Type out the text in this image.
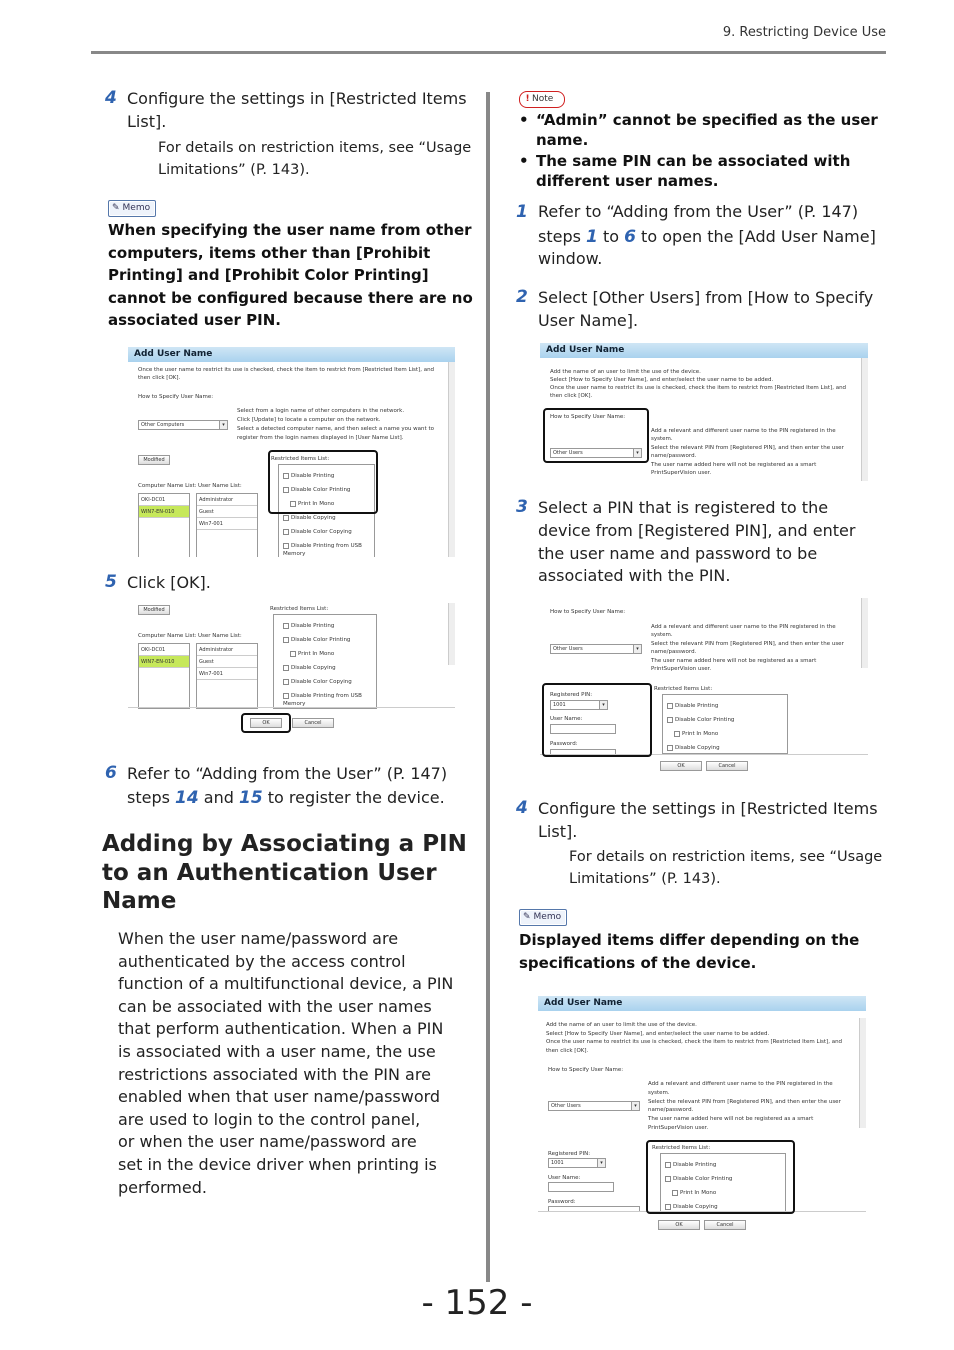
9. Restricting Device Use
4 Configure the settings in [Restricted Items
List].
For details on restriction items, see “Usage
Limitations” (P. 143).
✎ Memo
When specifying the user name from other
computers, items other than [Prohibit
Printing] and [Prohibit Color Printing]
cannot be configured because there are no
associated user PIN.
Add User Name
Once the user name to restrict its use is checked, check the item to restrict from [Restricted Item List], and
then click [OK].
How to Specify User Name:
Select from a login name of other computers in the network.
Click [Update] to locate a computer on the network.
Select a detected computer name, and then select a name you want to
register from the login names displayed in [User Name List].
Other Computers ▾
Modified
Computer Name List: User Name List:
OKI-DC01
WIN7-EN-010
Administrator
Guest
Win7-001
Restricted Items List:
Disable Printing
Disable Color Printing
Print In Mono
Disable Copying
Disable Color Copying
Disable Printing from USB
Memory
5 Click [OK].
Modified
Computer Name List: User Name List:
OKI-DC01
WIN7-EN-010
Administrator
Guest
Win7-001
Restricted Items List:
Disable Printing
Disable Color Printing
Print In Mono
Disable Copying
Disable Color Copying
Disable Printing from USB
Memory
OK	Cancel
6 Refer to “Adding from the User” (P. 147)
steps 14 and 15 to register the device.
Adding by Associating a PIN
to an Authentication User
Name
When the user name/password are
authenticated by the access control
function of a multifunctional device, a PIN
can be associated with the user names
that perform authentication. When a PIN
is associated with a user name, the use
restrictions associated with the PIN are
enabled when that user name/password
are used to login to the control panel,
or when the user name/password are
set in the device driver when printing is
performed.
! Note
• “Admin” cannot be specified as the user
name.
• The same PIN can be associated with
different user names.
1 Refer to “Adding from the User” (P. 147)
steps 1 to 6 to open the [Add User Name]
window.
2 Select [Other Users] from [How to Specify
User Name].
Add User Name
Add the name of an user to limit the use of the device.
Select [How to Specify User Name], and enter/select the user name to be added.
Once the user name to restrict its use is checked, check the item to restrict from [Restricted Item List], and
then click [OK].
How to Specify User Name:
Add a relevant and different user name to the PIN registered in the
system.
Select the relevant PIN from [Registered PIN], and then enter the user
name/password.
The user name added here will not be registered as a smart
PrintSuperVision user.
Other Users ▾
3 Select a PIN that is registered to the
device from [Registered PIN], and enter
the user name and password to be
associated with the PIN.
How to Specify User Name:
Add a relevant and different user name to the PIN registered in the
system.
Select the relevant PIN from [Registered PIN], and then enter the user
name/password.
The user name added here will not be registered as a smart
PrintSuperVision user.
Other Users ▾
Registered PIN:
1001 ▾
User Name:
Password:
Restricted Items List:
Disable Printing
Disable Color Printing
Print In Mono
Disable Copying
OK	Cancel
4 Configure the settings in [Restricted Items
List].
For details on restriction items, see “Usage
Limitations” (P. 143).
✎ Memo
Displayed items differ depending on the
specifications of the device.
Add User Name
Add the name of an user to limit the use of the device.
Select [How to Specify User Name], and enter/select the user name to be added.
Once the user name to restrict its use is checked, check the item to restrict from [Restricted Item List], and
then click [OK].
How to Specify User Name:
Add a relevant and different user name to the PIN registered in the
system.
Select the relevant PIN from [Registered PIN], and then enter the user
name/password.
The user name added here will not be registered as a smart
PrintSuperVision user.
Other Users ▾
Registered PIN:
1001 ▾
User Name:
Password:
Restricted Items List:
Disable Printing
Disable Color Printing
Print In Mono
Disable Copying
OK	Cancel
- 152 -
